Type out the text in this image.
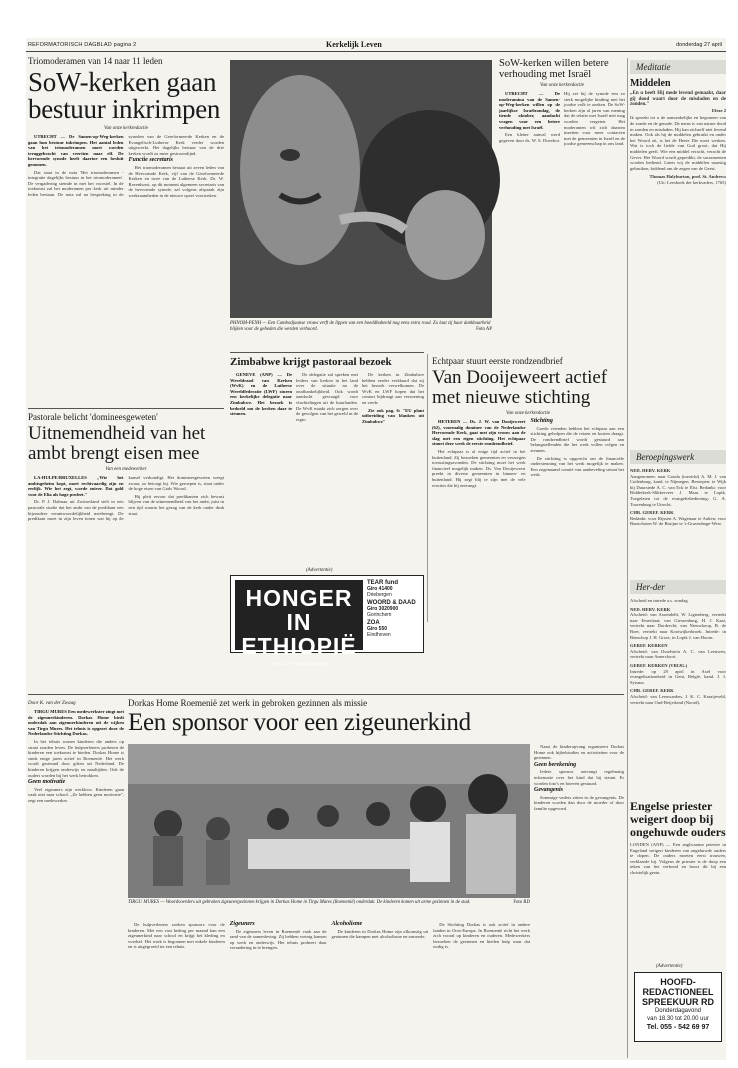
REFORMATORISCH DAGBLAD pagina 2	Kerkelijk Leven	donderdag 27 april
Triomoderamen van 14 naar 11 leden
SoW-kerken gaan bestuur inkrimpen
Van onze kerkredactie

UTRECHT — De Samen-op-Weg-kerken gaan hun bestuur inkrimpen. Het aantal leden van het triomoderamen moet worden teruggebracht van veertien naar elf. De hervormde synode heeft daartoe een besluit genomen.

Dat staat in de nota 'Het triomoderamen - integratie dagelijks bestuur in het triomoderamen'. De vergadering stemde in met het voorstel. In de toekomst zal het moderamen per kerk uit minder leden bestaan. De nota zal na bespreking in de synoden van de Gereformeerde Kerken en de Evangelisch-Lutherse Kerk verder worden uitgewerkt. Het dagelijks bestuur van de drie kerken wordt zo meer gestroomlijnd.

Functie secretaris

Het triomoderamen bestaat uit zeven leden van de Hervormde Kerk, vijf van de Gereformeerde Kerken en twee van de Lutherse Kerk. Ds. W. Ravenhorst, op dit moment algemeen secretaris van de hervormde synode, zal volgens afspraak zijn werkzaamheden in de nieuwe opzet voortzetten.

PHNOM-PENH — Een Cambodjaanse vrouw verft de lippen van een boeddhabeeld nog eens extra rood. Zo laat zij haar dankbaarheid blijken voor de gebeden die werden verhoord.	Foto AP
SoW-kerken willen betere verhouding met Israël
Van onze kerkredactie

UTRECHT — De moderamina van de Samen-op-Weg-kerken willen op de jaarlijkse Israëlzondag, de tiende oktober, aandacht vragen voor een betere verhouding met Israël.

Een kleine aanval werd gegeven door ds. W. S. Duvekot. Hij zei bij de synode een zo sterk mogelijke binding met het joodse volk te zoeken. De SoW-kerken zijn al jaren van mening dat de relatie met Israël niet mag worden vergeten. Het moderamen wil zich daarom inzetten voor meer contacten met de gemeenten in Israël en de joodse gemeenschap in ons land.

Meditatie
Middelen
„En u heeft Hij mede levend gemaakt, daar gij dood waart door de misdaden en de zonden."
Efeze 2
Ik spreekt tot u de aanvankelijke en begonnen van de zonde en de genade. De mens is van nature dood in zonden en misdaden. Hij kan zichzelf niet levend maken. Ook als hij de middelen gebruikt en onder het Woord zit, is het de Heere Die moet werken. Wat is toch de liefde van God groot, dat Hij middelen geeft. Wie een middel veracht, veracht de Gever. Het Woord wordt gepredikt, de sacramenten worden bediend. Laten wij de middelen naarstig gebruiken, biddend om de zegen van de Geest.
Thomas Halyburton, prof. St. Andrews
(Uit: Leesboek der kerkvaders, 1765)
Pastorale belicht 'domineesgeweten'
Uitnemendheid van het ambt brengt eisen mee
Van een medewerker

LA-HULPE/BRUXELLES „Wie het ambtsgeheim kopt, moet rechtvaardig zijn en eerlijk. Wie het zegt, worde zuiver. Dat gold voor de Elia als hoge profeet."

Dr. P. J. Dalmau uit Zwitserland stelt in een pastorale studie dat het ambt van de predikant een bijzondere verantwoordelijkheid meebrengt. De predikant moet in zijn leven tonen wat hij op de kansel verkondigt. Het domineesgeweten weegt zwaar, zo betoogt hij. Wie geroepen is, staat onder de hoge eisen van Gods Woord.

Hij pleit ervoor dat predikanten zich bewust blijven van de uitnemendheid van het ambt, juist in een tijd waarin het gezag van de kerk onder druk staat.

Zimbabwe krijgt pastoraal bezoek

GENEVE (ANP) — De Wereldraad van Kerken (WvK) en de Lutherse Wereldfederatie (LWF) sturen een kerkelijke delegatie naar Zimbabwe. Het bezoek is bedoeld om de kerken daar te steunen.

De delegatie zal spreken met leiders van kerken in het land over de situatie na de onafhankelijkheid. Ook wordt aandacht gevraagd voor vluchtelingen uit de buurlanden. De WvK maakt zich zorgen over de gevolgen van het geweld in de regio.

De kerken in Zimbabwe hebben eerder verklaard dat zij het bezoek verwelkomen. De WvK en LWF hopen dat het contact bijdraagt aan verzoening en vrede.

Zie ook pag. 6: "EU plant uitbreiding van blauken uit Zimbabwe"

(Advertentie)
HONGER IN
ETHIOPIË
Geef a.u.b. 'Noodhulp Ethiopië'
TEAR fund
Giro 41400
Driebergen
WOORD & DAAD
Giro 3020900
Gorinchem
ZOA
Giro 550
Eindhoven
Echtpaar stuurt eerste rondzendbrief
Van Dooijeweert actief met nieuwe stichting
Van onze kerkredactie

HETEREN — Ds. J. W. van Dooijeweert (62), voormalig dominee van de Nederlandse Hervormde Kerk, gaat met zijn vrouw aan de slag met een eigen stichting. Het echtpaar stuurt deze week de eerste rondzendbrief.

Het echtpaar is al enige tijd actief in het buitenland. Zij bezoeken gemeenten en verzorgen toerustingsavonden. De stichting moet het werk financieel mogelijk maken. Ds. Van Dooijeweert preekt in diverse gemeenten in binnen- en buitenland. Hij zegt blij te zijn met de vele reacties die hij ontvangt.

Stichting

Goede vrienden hebben het echtpaar aan een stichting geholpen die de reizen en kosten draagt. De rondzendbrief wordt gestuurd aan belangstellenden die het werk willen volgen en steunen.

De stichting is opgericht om de financiële ondersteuning van het werk mogelijk te maken. Een zogenaamd comité van aanbeveling steunt het werk.

Beroepingswerk
NED. HERV. KERK
Aangenomen: naar Gouda (toezicht) A. M. J. van Cuilenburg, kand. te Nijmegen. Beroepen: te Wijk bij Duurstede A. C. van Eck te Elst. Bedankt: voor Ridderkerk-Slikkerveer J. Maas te Lopik. Toegelaten tot de evangeliebediening: G. A. Toorenburg te Utrecht.
CHR. GEREF. KERK
Bedankt: voor Rijssen A. Wagenaar te Aalten; voor Bunschoten W. de Bruijne te 's-Gravenhage-West.
Her-der
Afscheid en intrede a.s. zondag
NED. HERV. KERK
Afscheid: van Assendelft, W. Ligtenberg, vertrekt naar Emeritaat; van Giessenburg, H. J. Kaai, vertrekt naar Dordrecht; van Nieuwkoop, B. de Boer, vertrekt naar Kootwijkerbroek. Intrede: in Benschop J. H. Groot, in Lopik J. van Hoorn.
GEREF. KERKEN
Afscheid: van IJsselstein A. C. van Leeuwen, vertrekt naar Amersfoort.
GEREF. KERKEN (VRIJG.)
Intrede: op 29 april in Axel voor evangelisatiearbeid in Gent, België, kand. J. J. Sytsma.
CHR. GEREF. KERK
Afscheid: van Leeuwarden, J. K. C. Kraaijeveld, vertrekt naar Oud-Beijerland (Noord).
Engelse priester weigert doop bij ongehuwde ouders
LONDEN (ANP) — Een anglicaanse priester in Engeland weigert kinderen van ongehuwde ouders te dopen. De ouders moeten eerst trouwen, verklaarde hij. Volgens de priester is de doop een teken van het verbond en hoort dit bij een christelijk gezin.
(Advertentie)
HOOFD-
REDACTIONEEL
SPREEKUUR RD
Donderdagavond
van 18.30 tot 20.00 uur
Tel. 055 - 542 69 97
Door K. van der Zwaag

TIRGU MURES Een medewerkster zingt met de zigeunerkinderen. Dorkas Home biedt onderdak aan zigeunerkinderen uit de wijken van Tirgu Mures. Het tehuis is opgezet door de Nederlandse Stichting Dorkas.

In het tehuis wonen kinderen die anders op straat zouden leven. De hulpverleners proberen de kinderen een toekomst te bieden. Dorkas Home is sinds enige jaren actief in Roemenië. Het werk wordt gesteund door giften uit Nederland. De kinderen krijgen onderwijs en maaltijden. Ook de ouders worden bij het werk betrokken.

Geen motivatie

Veel zigeuners zijn werkloos. Kinderen gaan vaak niet naar school. „Ze hebben geen motivatie", zegt een medewerker.

Dorkas Home Roemenië zet werk in gebroken gezinnen als missie
Een sponsor voor een zigeunerkind
TIRGU MURES — Woordvoerders uit gebroken zigeunergezinnen krijgen in Dorkas Home in Tirgu Mures (Roemenië) onderdak. De kinderen komen uit arme gezinnen in de stad.	Foto RD

De hulpverleners zoeken sponsors voor de kinderen. Met een vast bedrag per maand kan een zigeunerkind naar school en krijgt het kleding en voedsel. Het werk is begonnen met enkele kinderen en is uitgegroeid tot een tehuis.

Zigeuners

De zigeuners leven in Roemenië vaak aan de rand van de samenleving. Zij hebben weinig kansen op werk en onderwijs. Het tehuis probeert daar verandering in te brengen.

Alcoholisme

De kinderen in Dorkas Home zijn afkomstig uit gezinnen die kampen met alcoholisme en armoede.

De Stichting Dorkas is ook actief in andere landen in Oost-Europa. In Roemenië richt het werk zich vooral op kinderen en ouderen. Medewerkers bezoeken de gezinnen en bieden hulp waar dat nodig is.

Naast de kinderopvang organiseert Dorkas Home ook bijbelstudies en activiteiten voor de gezinnen.

Geen berekening

Iedere sponsor ontvangt regelmatig informatie over het kind dat hij steunt. Er worden foto's en brieven gestuurd.

Gevangenis

Sommige vaders zitten in de gevangenis. De kinderen worden dan door de moeder of door familie opgevoed.
